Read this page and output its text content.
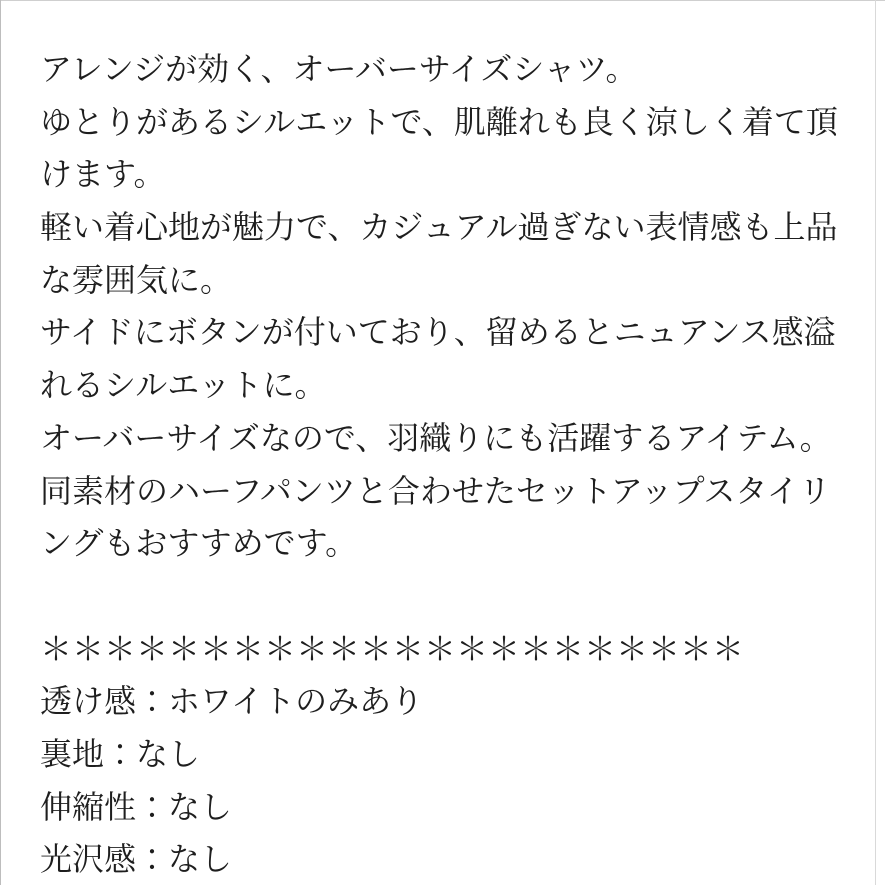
アレンジが効く、オーバーサイズシャツ。
ゆとりがあるシルエットで、肌離れも良く涼しく着て頂
けます。
軽い着心地が魅力で、カジュアル過ぎない表情感も上品
な雰囲気に。
サイドにボタンが付いており、留めるとニュアンス感溢
れるシルエットに。
オーバーサイズなので、羽織りにも活躍するアイテム。
同素材のハーフパンツと合わせたセットアップスタイリ
ングもおすすめです。
＊＊＊＊＊＊＊＊＊＊＊＊＊＊＊＊＊＊＊＊＊＊
透け感：ホワイトのみあり
裏地：なし
伸縮性：なし
光沢感：なし
